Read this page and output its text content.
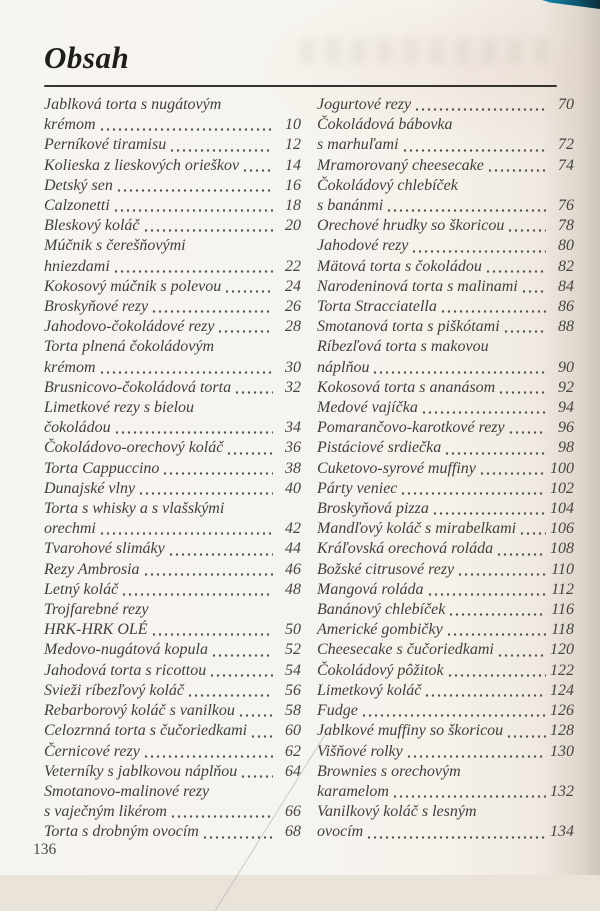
Obsah
Jablková torta s nugátovým
krémom	10
Perníkové tiramisu	12
Kolieska z lieskových orieškov	14
Detský sen	16
Calzonetti	18
Bleskový koláč	20
Múčnik s čerešňovými
hniezdami	22
Kokosový múčnik s polevou	24
Broskyňové rezy	26
Jahodovo-čokoládové rezy	28
Torta plnená čokoládovým
krémom	30
Brusnicovo-čokoládová torta	32
Limetkové rezy s bielou
čokoládou	34
Čokoládovo-orechový koláč	36
Torta Cappuccino	38
Dunajské vlny	40
Torta s whisky a s vlašskými
orechmi	42
Tvarohové slimáky	44
Rezy Ambrosia	46
Letný koláč	48
Trojfarebné rezy
HRK-HRK OLÉ	50
Medovo-nugátová kopula	52
Jahodová torta s ricottou	54
Svieži ríbezľový koláč	56
Rebarborový koláč s vanilkou	58
Celozrnná torta s čučoriedkami	60
Černicové rezy	62
Veterníky s jablkovou náplňou	64
Smotanovo-malinové rezy
s vaječným likérom	66
Torta s drobným ovocím	68
Jogurtové rezy	70
Čokoládová bábovka
s marhuľami	72
Mramorovaný cheesecake	74
Čokoládový chlebíček
s banánmi	76
Orechové hrudky so škoricou	78
Jahodové rezy	80
Mätová torta s čokoládou	82
Narodeninová torta s malinami	84
Torta Stracciatella	86
Smotanová torta s piškótami	88
Ríbezľová torta s makovou
náplňou	90
Kokosová torta s ananásom	92
Medové vajíčka	94
Pomarančovo-karotkové rezy	96
Pistáciové srdiečka	98
Cuketovo-syrové muffiny	100
Párty veniec	102
Broskyňová pizza	104
Mandľový koláč s mirabelkami 106
Kráľovská orechová roláda	108
Božské citrusové rezy	110
Mangová roláda	112
Banánový chlebíček	116
Americké gombičky	118
Cheesecake s čučoriedkami	120
Čokoládový pôžitok	122
Limetkový koláč	124
Fudge	126
Jablkové muffiny so škoricou	128
Višňové rolky	130
Brownies s orechovým
karamelom	132
Vanilkový koláč s lesným
ovocím	134
136
